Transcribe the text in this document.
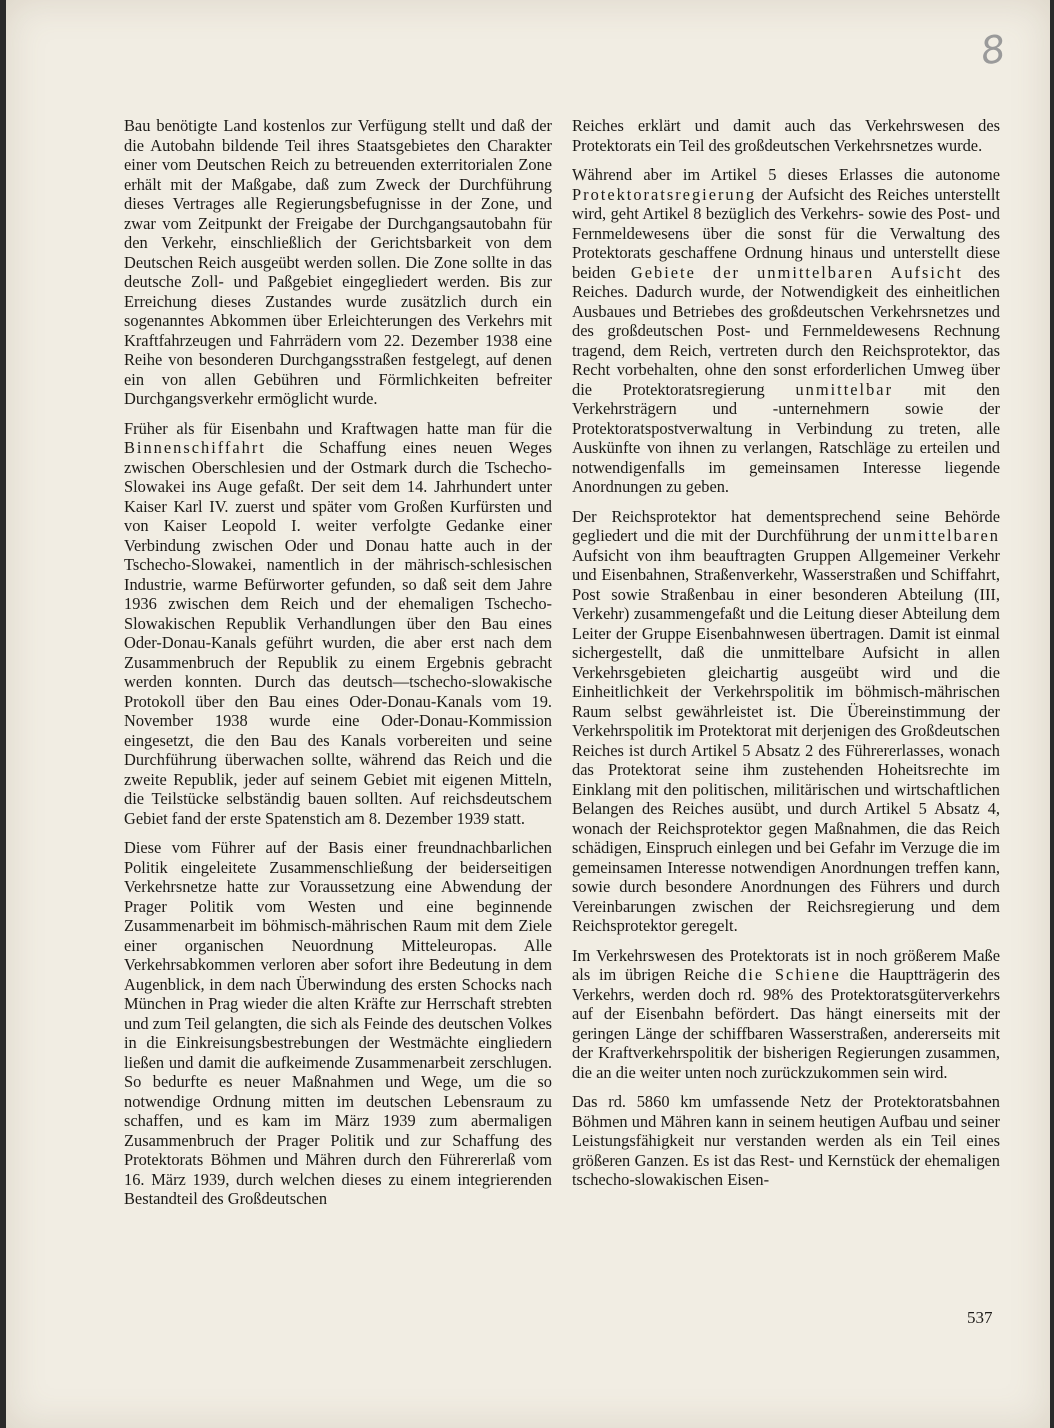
8

Bau benötigte Land kostenlos zur Verfügung stellt und daß der die Autobahn bildende Teil ihres Staatsgebietes den Charakter einer vom Deutschen Reich zu betreuenden exterritorialen Zone erhält mit der Maßgabe, daß zum Zweck der Durchführung dieses Vertrages alle Regierungsbefugnisse in der Zone, und zwar vom Zeitpunkt der Freigabe der Durchgangsautobahn für den Verkehr, einschließlich der Gerichtsbarkeit von dem Deutschen Reich ausgeübt werden sollen. Die Zone sollte in das deutsche Zoll- und Paßgebiet eingegliedert werden. Bis zur Erreichung dieses Zustandes wurde zusätzlich durch ein sogenanntes Abkommen über Erleichterungen des Verkehrs mit Kraftfahrzeugen und Fahrrädern vom 22. Dezember 1938 eine Reihe von besonderen Durchgangsstraßen festgelegt, auf denen ein von allen Gebühren und Förmlichkeiten befreiter Durchgangsverkehr ermöglicht wurde.

Früher als für Eisenbahn und Kraftwagen hatte man für die Binnenschiffahrt die Schaffung eines neuen Weges zwischen Oberschlesien und der Ostmark durch die Tschecho-Slowakei ins Auge gefaßt. Der seit dem 14. Jahrhundert unter Kaiser Karl IV. zuerst und später vom Großen Kurfürsten und von Kaiser Leopold I. weiter verfolgte Gedanke einer Verbindung zwischen Oder und Donau hatte auch in der Tschecho-Slowakei, namentlich in der mährisch-schlesischen Industrie, warme Befürworter gefunden, so daß seit dem Jahre 1936 zwischen dem Reich und der ehemaligen Tschecho-Slowakischen Republik Verhandlungen über den Bau eines Oder-Donau-Kanals geführt wurden, die aber erst nach dem Zusammenbruch der Republik zu einem Ergebnis gebracht werden konnten. Durch das deutsch—tschecho-slowakische Protokoll über den Bau eines Oder-Donau-Kanals vom 19. November 1938 wurde eine Oder-Donau-Kommission eingesetzt, die den Bau des Kanals vorbereiten und seine Durchführung überwachen sollte, während das Reich und die zweite Republik, jeder auf seinem Gebiet mit eigenen Mitteln, die Teilstücke selbständig bauen sollten. Auf reichsdeutschem Gebiet fand der erste Spatenstich am 8. Dezember 1939 statt.

Diese vom Führer auf der Basis einer freundnachbarlichen Politik eingeleitete Zusammenschließung der beiderseitigen Verkehrsnetze hatte zur Voraussetzung eine Abwendung der Prager Politik vom Westen und eine beginnende Zusammenarbeit im böhmisch-mährischen Raum mit dem Ziele einer organischen Neuordnung Mitteleuropas. Alle Verkehrsabkommen verloren aber sofort ihre Bedeutung in dem Augenblick, in dem nach Überwindung des ersten Schocks nach München in Prag wieder die alten Kräfte zur Herrschaft strebten und zum Teil gelangten, die sich als Feinde des deutschen Volkes in die Einkreisungsbestrebungen der Westmächte eingliedern ließen und damit die aufkeimende Zusammenarbeit zerschlugen. So bedurfte es neuer Maßnahmen und Wege, um die so notwendige Ordnung mitten im deutschen Lebensraum zu schaffen, und es kam im März 1939 zum abermaligen Zusammenbruch der Prager Politik und zur Schaffung des Protektorats Böhmen und Mähren durch den Führererlaß vom 16. März 1939, durch welchen dieses zu einem integrierenden Bestandteil des Großdeutschen

Reiches erklärt und damit auch das Verkehrswesen des Protektorats ein Teil des großdeutschen Verkehrsnetzes wurde.

Während aber im Artikel 5 dieses Erlasses die autonome Protektoratsregierung der Aufsicht des Reiches unterstellt wird, geht Artikel 8 bezüglich des Verkehrs- sowie des Post- und Fernmeldewesens über die sonst für die Verwaltung des Protektorats geschaffene Ordnung hinaus und unterstellt diese beiden Gebiete der unmittelbaren Aufsicht des Reiches. Dadurch wurde, der Notwendigkeit des einheitlichen Ausbaues und Betriebes des großdeutschen Verkehrsnetzes und des großdeutschen Post- und Fernmeldewesens Rechnung tragend, dem Reich, vertreten durch den Reichsprotektor, das Recht vorbehalten, ohne den sonst erforderlichen Umweg über die Protektoratsregierung unmittelbar mit den Verkehrsträgern und -unternehmern sowie der Protektoratspostverwaltung in Verbindung zu treten, alle Auskünfte von ihnen zu verlangen, Ratschläge zu erteilen und notwendigenfalls im gemeinsamen Interesse liegende Anordnungen zu geben.

Der Reichsprotektor hat dementsprechend seine Behörde gegliedert und die mit der Durchführung der unmittelbaren Aufsicht von ihm beauftragten Gruppen Allgemeiner Verkehr und Eisenbahnen, Straßenverkehr, Wasserstraßen und Schiffahrt, Post sowie Straßenbau in einer besonderen Abteilung (III, Verkehr) zusammengefaßt und die Leitung dieser Abteilung dem Leiter der Gruppe Eisenbahnwesen übertragen. Damit ist einmal sichergestellt, daß die unmittelbare Aufsicht in allen Verkehrsgebieten gleichartig ausgeübt wird und die Einheitlichkeit der Verkehrspolitik im böhmisch-mährischen Raum selbst gewährleistet ist. Die Übereinstimmung der Verkehrspolitik im Protektorat mit derjenigen des Großdeutschen Reiches ist durch Artikel 5 Absatz 2 des Führererlasses, wonach das Protektorat seine ihm zustehenden Hoheitsrechte im Einklang mit den politischen, militärischen und wirtschaftlichen Belangen des Reiches ausübt, und durch Artikel 5 Absatz 4, wonach der Reichsprotektor gegen Maßnahmen, die das Reich schädigen, Einspruch einlegen und bei Gefahr im Verzuge die im gemeinsamen Interesse notwendigen Anordnungen treffen kann, sowie durch besondere Anordnungen des Führers und durch Vereinbarungen zwischen der Reichsregierung und dem Reichsprotektor geregelt.

Im Verkehrswesen des Protektorats ist in noch größerem Maße als im übrigen Reiche die Schiene die Hauptträgerin des Verkehrs, werden doch rd. 98% des Protektoratsgüterverkehrs auf der Eisenbahn befördert. Das hängt einerseits mit der geringen Länge der schiffbaren Wasserstraßen, andererseits mit der Kraftverkehrspolitik der bisherigen Regierungen zusammen, die an die weiter unten noch zurückzukommen sein wird.

Das rd. 5860 km umfassende Netz der Protektoratsbahnen Böhmen und Mähren kann in seinem heutigen Aufbau und seiner Leistungsfähigkeit nur verstanden werden als ein Teil eines größeren Ganzen. Es ist das Rest- und Kernstück der ehemaligen tschecho-slowakischen Eisen-

537
